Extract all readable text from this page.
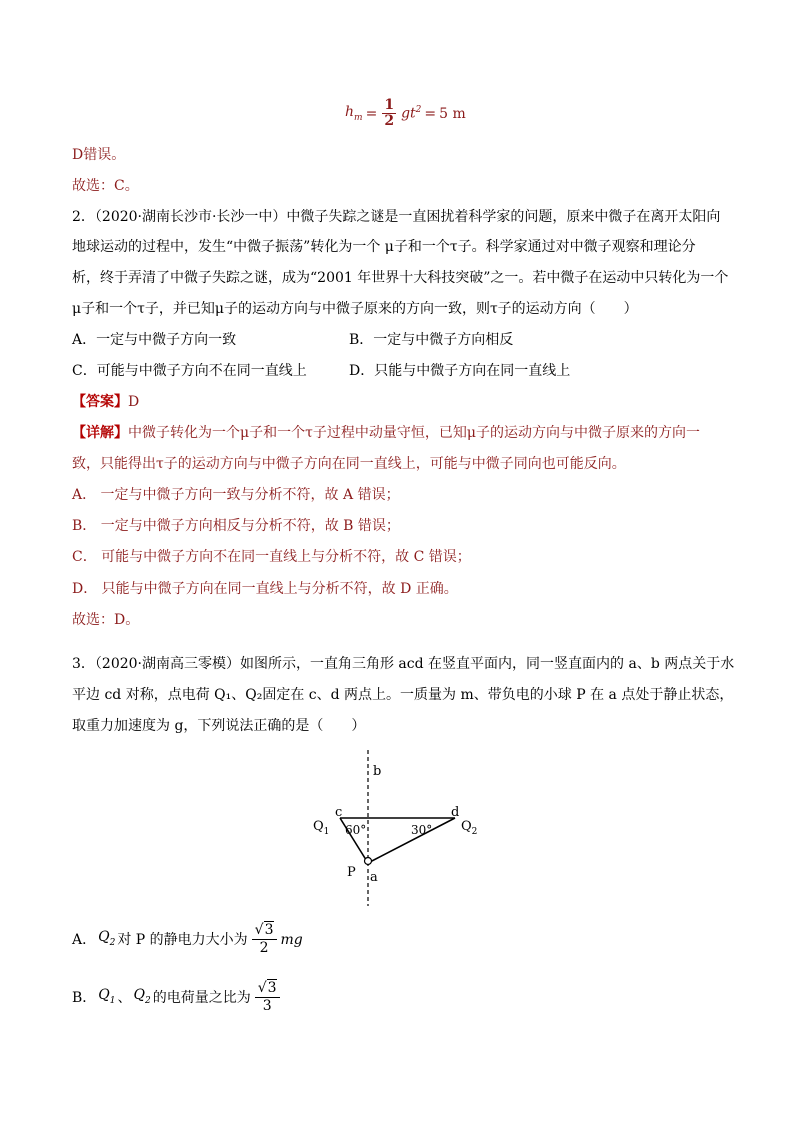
$h_m = \frac{1}{2} gt^2 = 5$ m
D错误。
故选：C。
2．（2020·湖南长沙市·长沙一中）中微子失踪之谜是一直困扰着科学家的问题，原来中微子在离开太阳向
地球运动的过程中，发生“中微子振荡”转化为一个 μ子和一个τ子。科学家通过对中微子观察和理论分
析，终于弄清了中微子失踪之谜，成为“2001 年世界十大科技突破”之一。若中微子在运动中只转化为一个
μ子和一个τ子，并已知μ子的运动方向与中微子原来的方向一致，则τ子的运动方向（　　）
A．一定与中微子方向一致	B．一定与中微子方向相反
C．可能与中微子方向不在同一直线上	D．只能与中微子方向在同一直线上
【答案】D
【详解】中微子转化为一个μ子和一个τ子过程中动量守恒，已知μ子的运动方向与中微子原来的方向一
致，只能得出τ子的运动方向与中微子方向在同一直线上，可能与中微子同向也可能反向。
A． 一定与中微子方向一致与分析不符，故 A 错误；
B． 一定与中微子方向相反与分析不符，故 B 错误；
C． 可能与中微子方向不在同一直线上与分析不符，故 C 错误；
D． 只能与中微子方向在同一直线上与分析不符，故 D 正确。
故选：D。
3．（2020·湖南高三零模）如图所示，一直角三角形 acd 在竖直平面内，同一竖直面内的 a、b 两点关于水
平边 cd 对称，点电荷 Q₁、Q₂固定在 c、d 两点上。一质量为 m、带负电的小球 P 在 a 点处于静止状态，
取重力加速度为 g，下列说法正确的是（　　）
b
c	d
$Q_1$	$Q_2$
60°	30°
P a
A． $Q_2$ 对 P 的静电力大小为
√3
2
mg
B． $Q_1$ 、 $Q_2$ 的电荷量之比为
√3
3
